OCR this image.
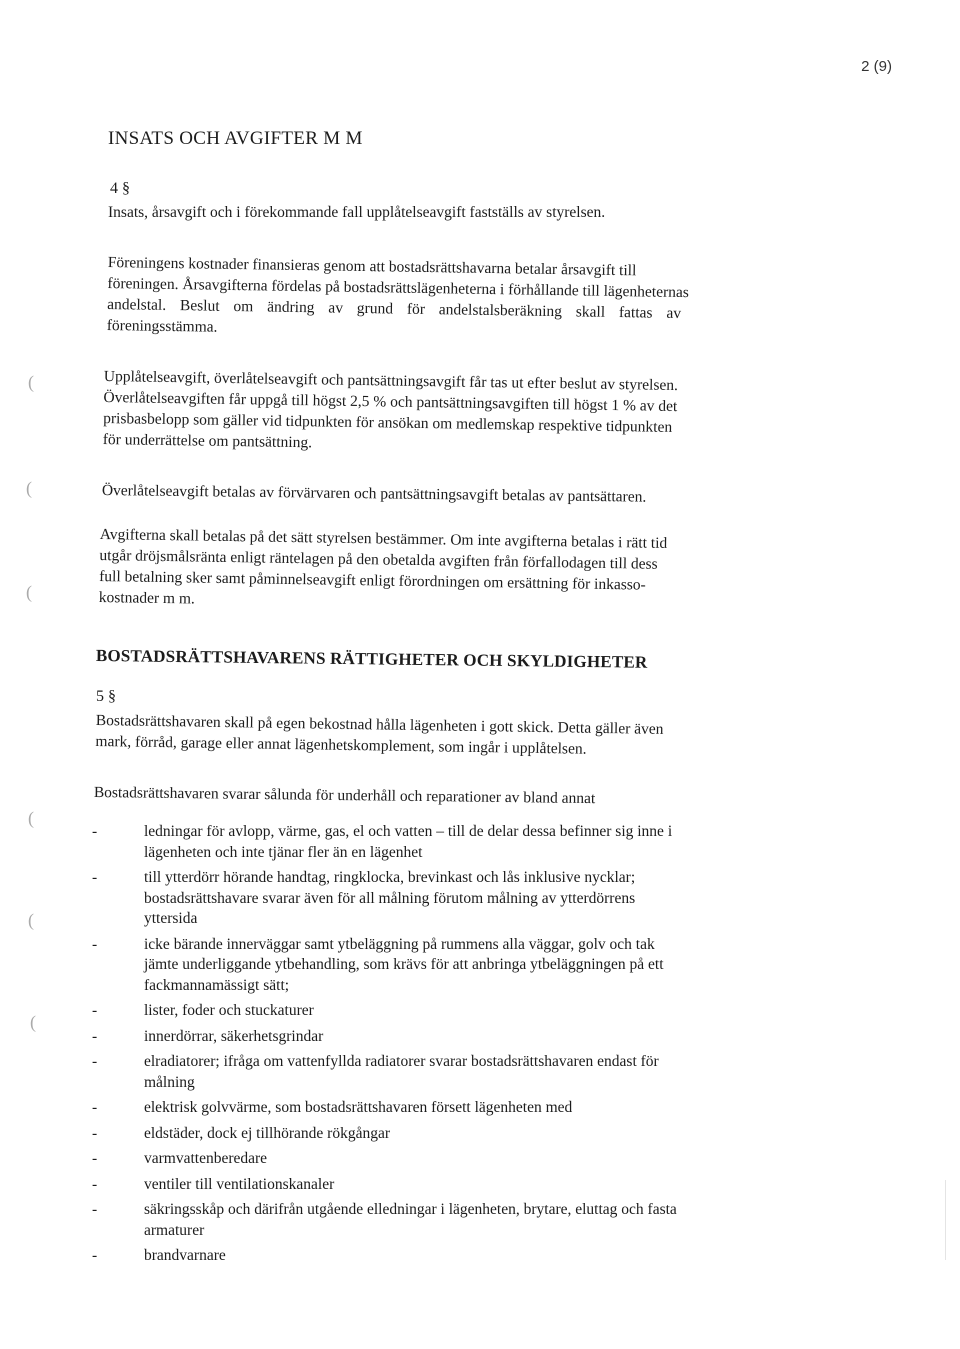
2 (9)
INSATS OCH AVGIFTER M M
4 §
Insats, årsavgift och i förekommande fall upplåtelseavgift fastställs av styrelsen.
Föreningens kostnader finansieras genom att bostadsrättshavarna betalar årsavgift till
föreningen. Årsavgifterna fördelas på bostadsrättslägenheterna i förhållande till lägenheternas
andelstal. Beslut om ändring av grund för andelstalsberäkning skall fattas av
föreningsstämma.
Upplåtelseavgift, överlåtelseavgift och pantsättningsavgift får tas ut efter beslut av styrelsen.
Överlåtelseavgiften får uppgå till högst 2,5 % och pantsättningsavgiften till högst 1 % av det
prisbasbelopp som gäller vid tidpunkten för ansökan om medlemskap respektive tidpunkten
för underrättelse om pantsättning.
Överlåtelseavgift betalas av förvärvaren och pantsättningsavgift betalas av pantsättaren.
Avgifterna skall betalas på det sätt styrelsen bestämmer. Om inte avgifterna betalas i rätt tid
utgår dröjsmålsränta enligt räntelagen på den obetalda avgiften från förfallodagen till dess
full betalning sker samt påminnelseavgift enligt förordningen om ersättning för inkasso-
kostnader m m.
BOSTADSRÄTTSHAVARENS RÄTTIGHETER OCH SKYLDIGHETER
5 §
Bostadsrättshavaren skall på egen bekostnad hålla lägenheten i gott skick. Detta gäller även
mark, förråd, garage eller annat lägenhetskomplement, som ingår i upplåtelsen.
Bostadsrättshavaren svarar sålunda för underhåll och reparationer av bland annat
-	ledningar för avlopp, värme, gas, el och vatten – till de delar dessa befinner sig inne i
lägenheten och inte tjänar fler än en lägenhet
-	till ytterdörr hörande handtag, ringklocka, brevinkast och lås inklusive nycklar;
bostadsrättshavare svarar även för all målning förutom målning av ytterdörrens
yttersida
-	icke bärande innerväggar samt ytbeläggning på rummens alla väggar, golv och tak
jämte underliggande ytbehandling, som krävs för att anbringa ytbeläggningen på ett
fackmannamässigt sätt;
-	lister, foder och stuckaturer
-	innerdörrar, säkerhetsgrindar
-	elradiatorer; ifråga om vattenfyllda radiatorer svarar bostadsrättshavaren endast för
målning
-	elektrisk golvvärme, som bostadsrättshavaren försett lägenheten med
-	eldstäder, dock ej tillhörande rökgångar
-	varmvattenberedare
-	ventiler till ventilationskanaler
-	säkringsskåp och därifrån utgående elledningar i lägenheten, brytare, eluttag och fasta
armaturer
-	brandvarnare
(
(
(
(
(
(
